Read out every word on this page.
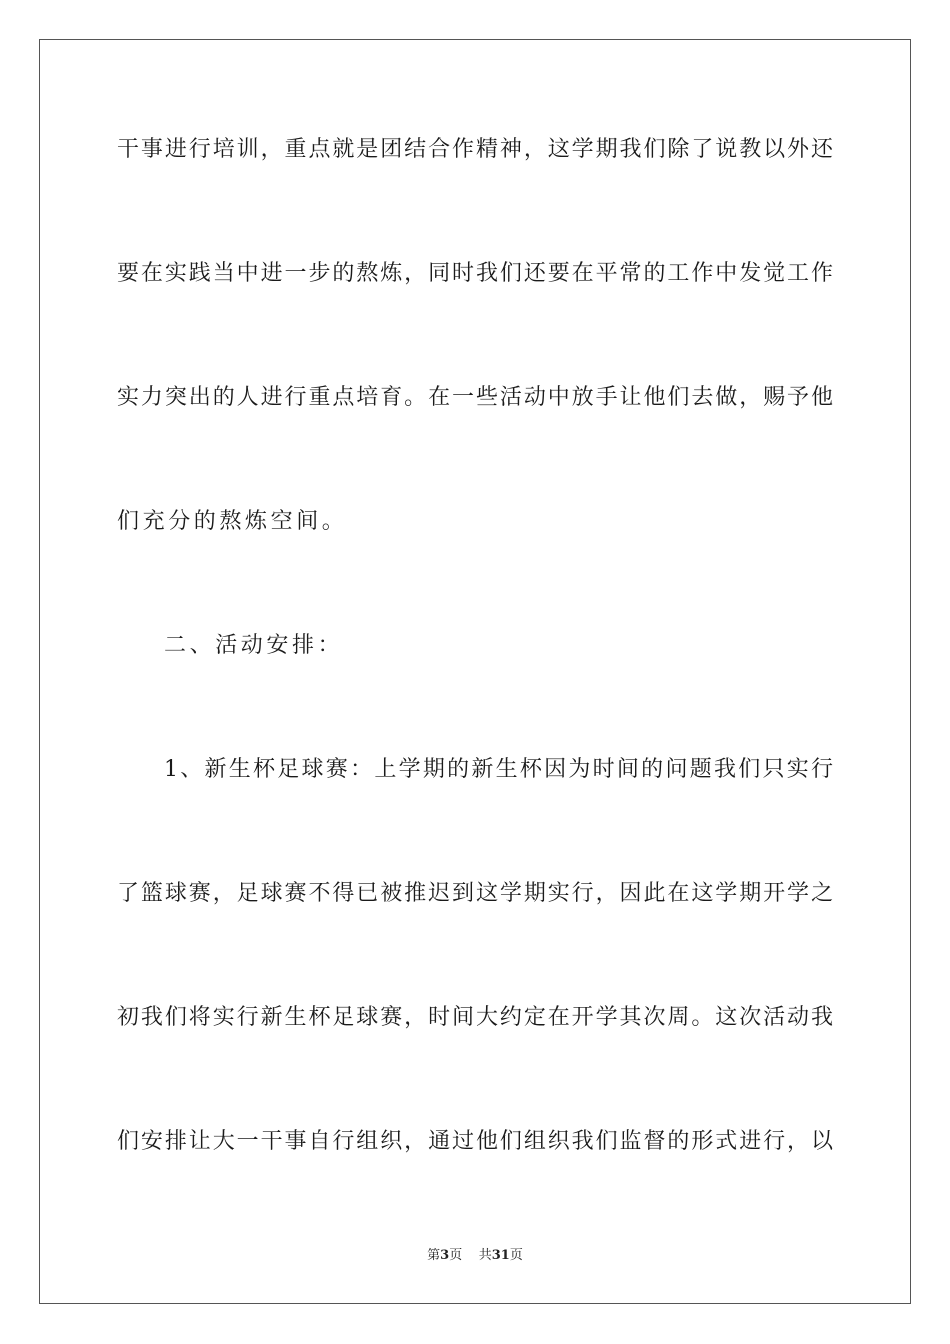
干事进行培训，重点就是团结合作精神，这学期我们除了说教以外还
要在实践当中进一步的熬炼，同时我们还要在平常的工作中发觉工作
实力突出的人进行重点培育。在一些活动中放手让他们去做，赐予他
们充分的熬炼空间。
二、活动安排：
1、新生杯足球赛：上学期的新生杯因为时间的问题我们只实行
了篮球赛，足球赛不得已被推迟到这学期实行，因此在这学期开学之
初我们将实行新生杯足球赛，时间大约定在开学其次周。这次活动我
们安排让大一干事自行组织，通过他们组织我们监督的形式进行，以
第3页 共31页
